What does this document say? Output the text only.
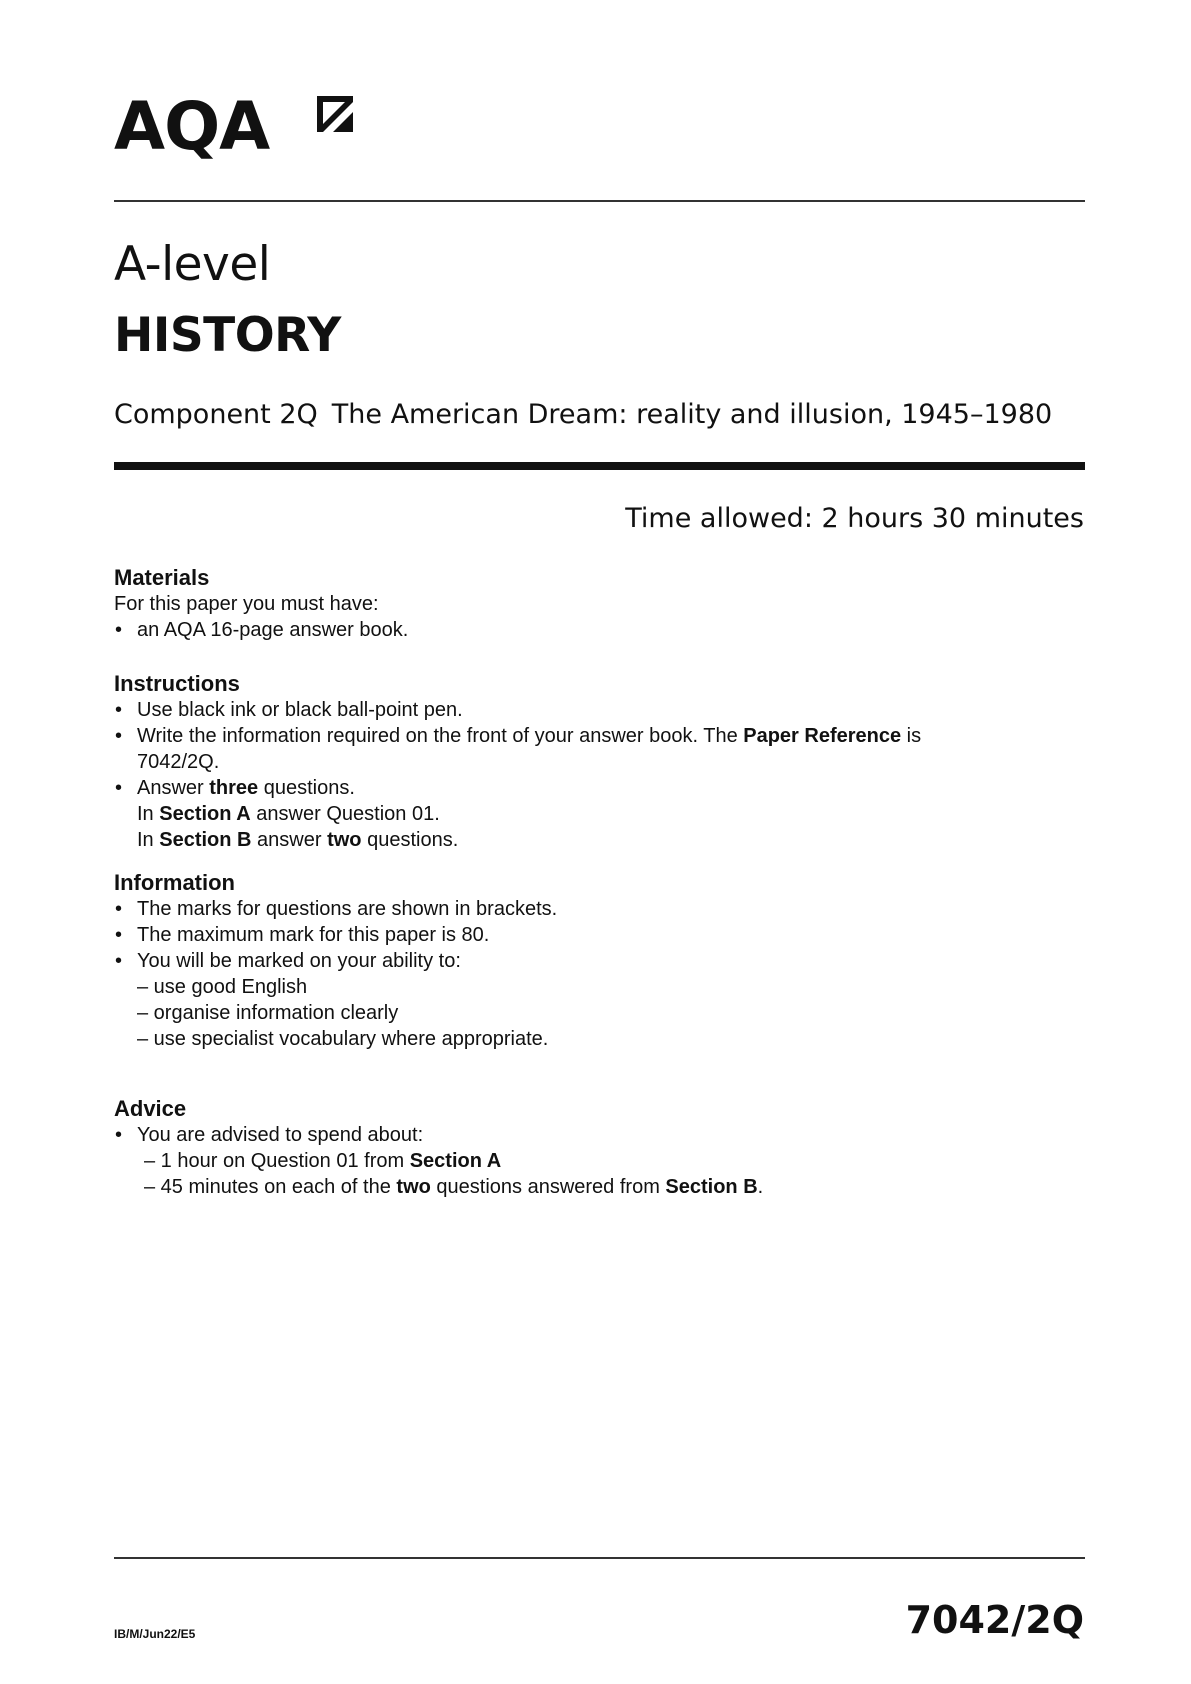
AQA
A-level
HISTORY
Component 2Q The American Dream: reality and illusion, 1945–1980
Time allowed: 2 hours 30 minutes
Materials
For this paper you must have:
• an AQA 16-page answer book.
Instructions
• Use black ink or black ball-point pen.
• Write the information required on the front of your answer book. The Paper Reference is
7042/2Q.
• Answer three questions.
In Section A answer Question 01.
In Section B answer two questions.
Information
• The marks for questions are shown in brackets.
• The maximum mark for this paper is 80.
• You will be marked on your ability to:
– use good English
– organise information clearly
– use specialist vocabulary where appropriate.
Advice
• You are advised to spend about:
– 1 hour on Question 01 from Section A
– 45 minutes on each of the two questions answered from Section B.
IB/M/Jun22/E5	7042/2Q
